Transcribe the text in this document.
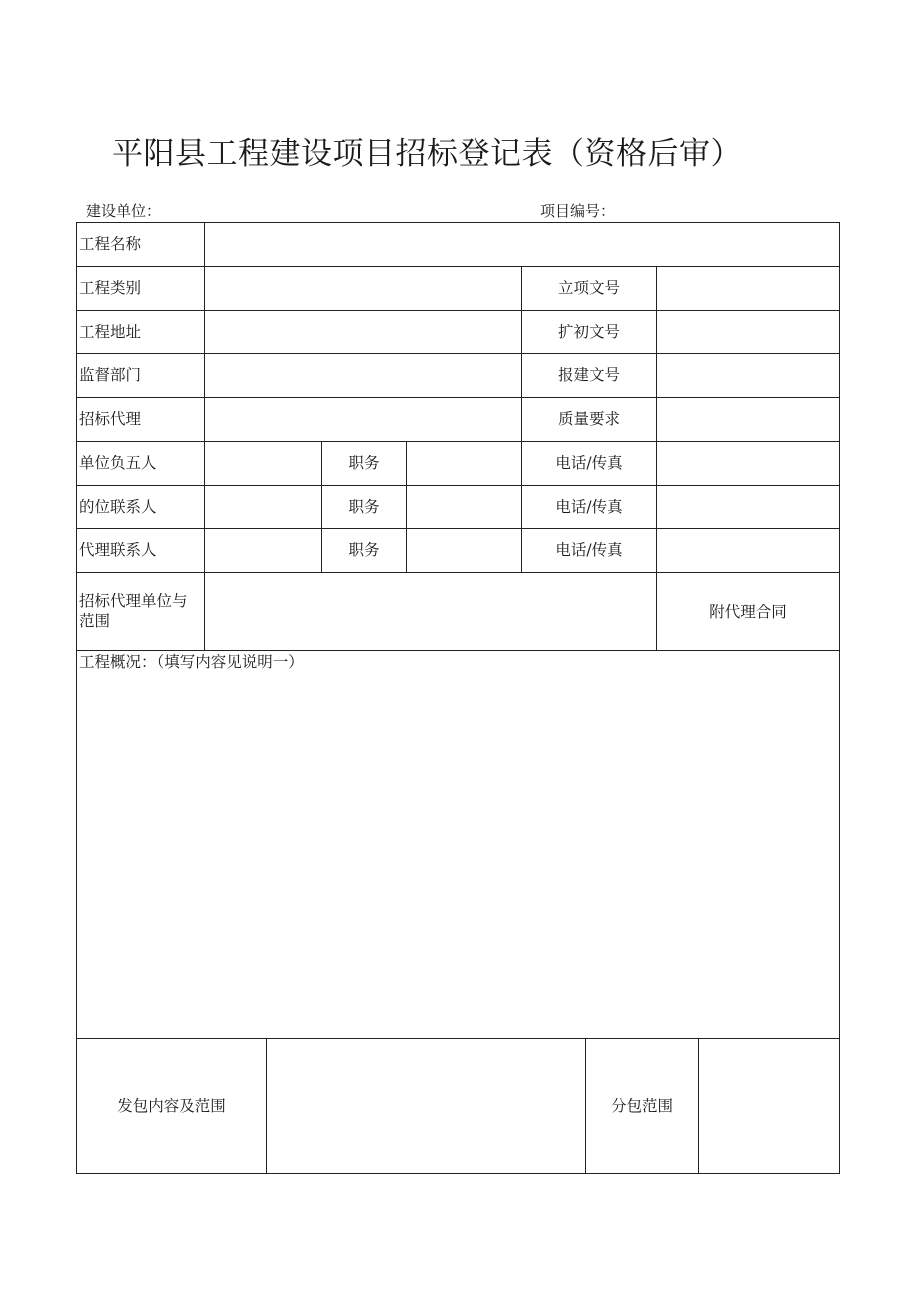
平阳县工程建设项目招标登记表（资格后审）
建设单位：	项目编号：
工程名称
工程类别	立项文号
工程地址	扩初文号
监督部门	报建文号
招标代理	质量要求
单位负五人	职务	电话/传真
的位联系人	职务	电话/传真
代理联系人	职务	电话/传真
招标代理单位与范围	附代理合同
工程概况：（填写内容见说明一）
发包内容及范围	分包范围
